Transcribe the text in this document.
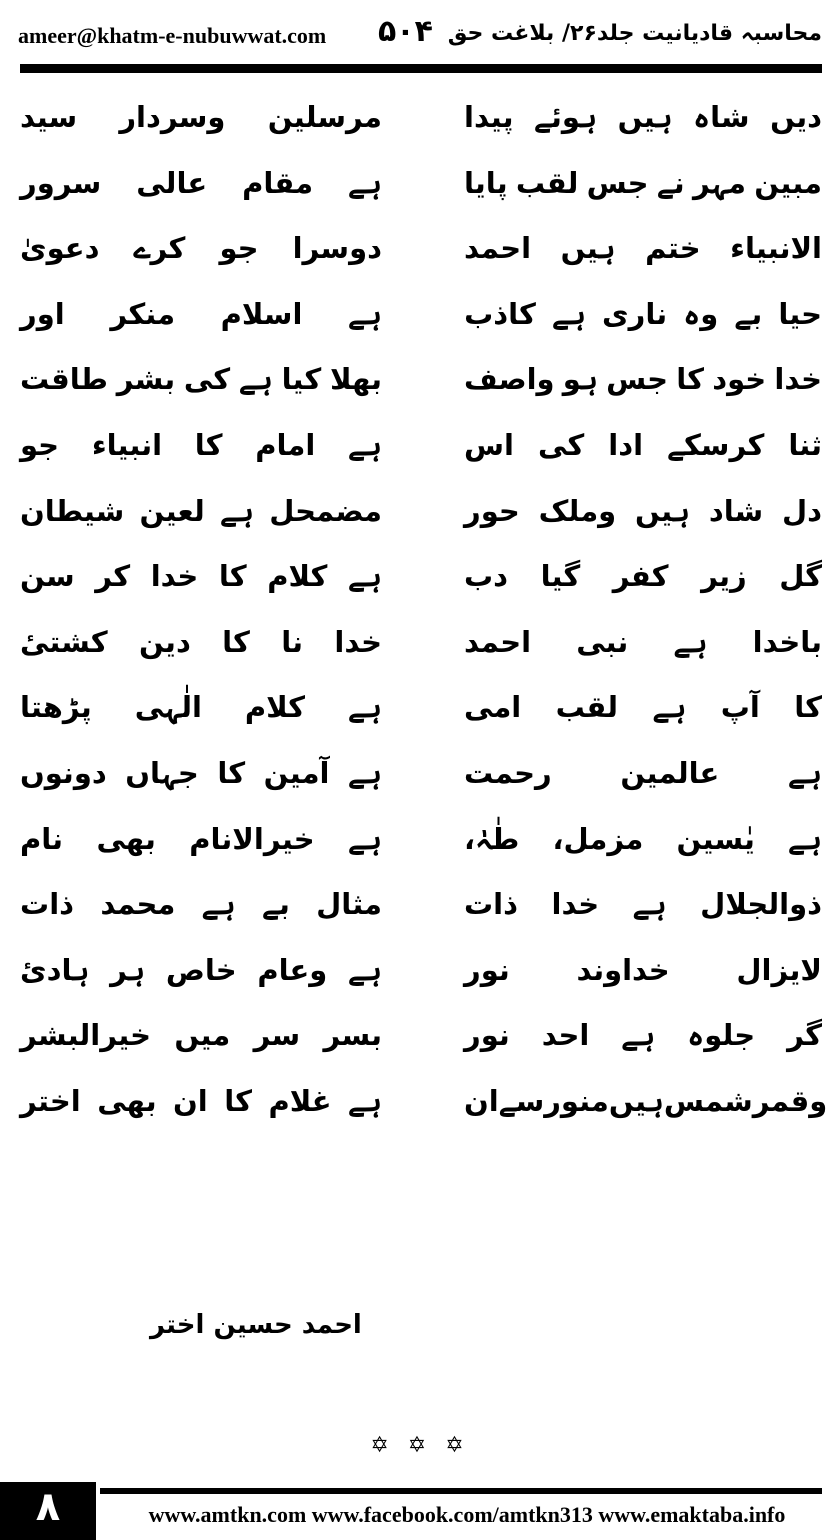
ameer@khatm-e-nubuwwat.com ۵۰۴ محاسبہ قادیانیت جلد۲۶/ بلاغت حق
پیدا ہوئے ہیں شاہ دیں
سید وسردار مرسلین
پایا لقب جس نے مہر مبین
سرور عالی مقام ہے
احمد ہیں ختم الانبیاء
دعویٰ کرے جو دوسرا
کاذب ہے ناری وہ بے حیا
اور منکر اسلام ہے
واصف ہو جس کا خود خدا
طاقت بشر کی ہے کیا بھلا
اس کی ادا کرسکے ثنا
جو انبیاء کا امام ہے
حور وملک ہیں شاد دل
شیطان لعین ہے مضمحل
دب گیا کفر زیر گل
سن کر خدا کا کلام ہے
احمد نبی ہے باخدا
کشتیٔ دین کا نا خدا
امی لقب ہے آپ کا
پڑھتا الٰہی کلام ہے
رحمت عالمین ہے
دونوں جہاں کا آمین ہے
طٰہٰ، مزمل، یٰسین ہے
نام بھی خیرالانام ہے
ذات خدا ہے ذوالجلال
ذات محمد ہے بے مثال
نور خداوند لایزال
ہادیٔ ہر خاص وعام ہے
نور احد ہے جلوہ گر
خیرالبشر میں سر بسر
ان سے منور ہیں شمس وقمر
اختر بھی ان کا غلام ہے
احمد حسین اختر
✡ ✡ ✡
۸	www.amtkn.com www.facebook.com/amtkn313 www.emaktaba.info
